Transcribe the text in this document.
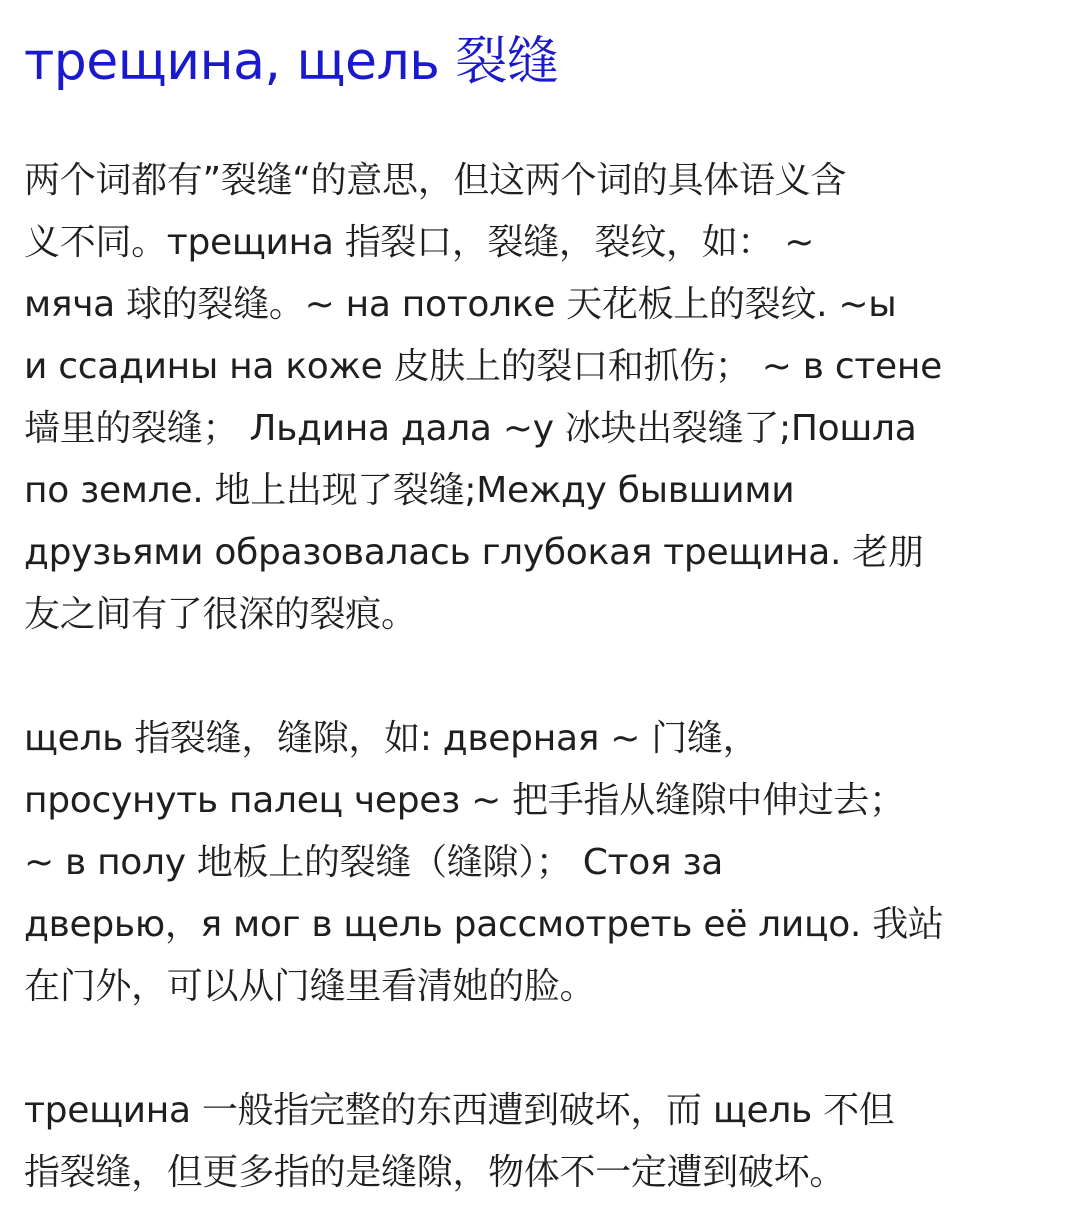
трещина, щель 裂缝

两个词都有”裂缝“的意思，但这两个词的具体语义含
义不同。трещина 指裂口，裂缝，裂纹，如： ~
мяча 球的裂缝。~ на потолке 天花板上的裂纹. ~ы
и ссадины на коже 皮肤上的裂口和抓伤； ~ в стене
墙里的裂缝； Льдина дала ~у 冰块出裂缝了;Пошла
по земле. 地上出现了裂缝;Между бывшими
друзьями образовалась глубокая трещина. 老朋
友之间有了很深的裂痕。

щель 指裂缝，缝隙，如: дверная ~ 门缝，
просунуть палец через ~ 把手指从缝隙中伸过去；
~ в полу 地板上的裂缝（缝隙）； Стоя за
дверью，я мог в щель рассмотреть её лицо. 我站
在门外，可以从门缝里看清她的脸。

трещина 一般指完整的东西遭到破坏，而 щель 不但
指裂缝，但更多指的是缝隙，物体不一定遭到破坏。
